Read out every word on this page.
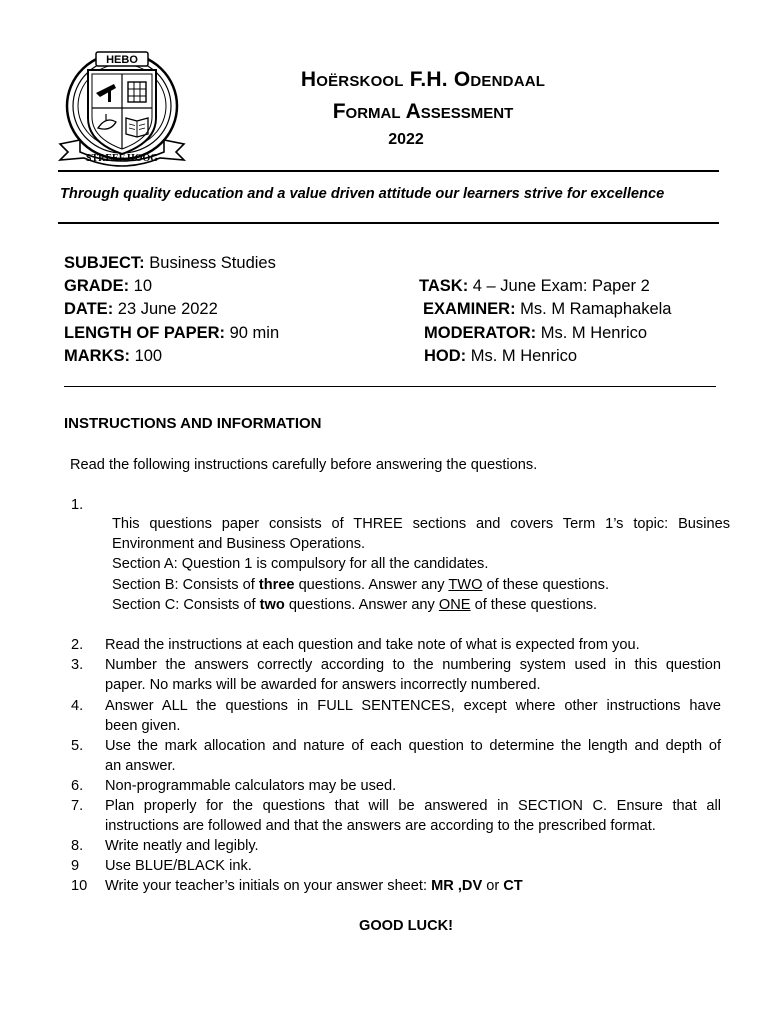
HEBO
STREEF HOOG
Hoërskool F.H. Odendaal
Formal Assessment
2022
Through quality education and a value driven attitude our learners strive for excellence
SUBJECT: Business Studies
GRADE: 10
DATE: 23 June 2022
LENGTH OF PAPER: 90 min
MARKS: 100
TASK: 4 – June Exam: Paper 2
EXAMINER: Ms. M Ramaphakela
MODERATOR: Ms. M Henrico
HOD: Ms. M Henrico
INSTRUCTIONS AND INFORMATION
Read the following instructions carefully before answering the questions.
1.
This questions paper consists of THREE sections and covers Term 1’s topic: Busines
Environment and Business Operations.
Section A: Question 1 is compulsory for all the candidates.
Section B: Consists of three questions. Answer any TWO of these questions.
Section C: Consists of two questions. Answer any ONE of these questions.
2. Read the instructions at each question and take note of what is expected from you.
3. Number the answers correctly according to the numbering system used in this question
paper. No marks will be awarded for answers incorrectly numbered.
4. Answer ALL the questions in FULL SENTENCES, except where other instructions have
been given.
5. Use the mark allocation and nature of each question to determine the length and depth of
an answer.
6. Non-programmable calculators may be used.
7. Plan properly for the questions that will be answered in SECTION C. Ensure that all
instructions are followed and that the answers are according to the prescribed format.
8. Write neatly and legibly.
9 Use BLUE/BLACK ink.
10 Write your teacher’s initials on your answer sheet: MR ,DV or CT
GOOD LUCK!
